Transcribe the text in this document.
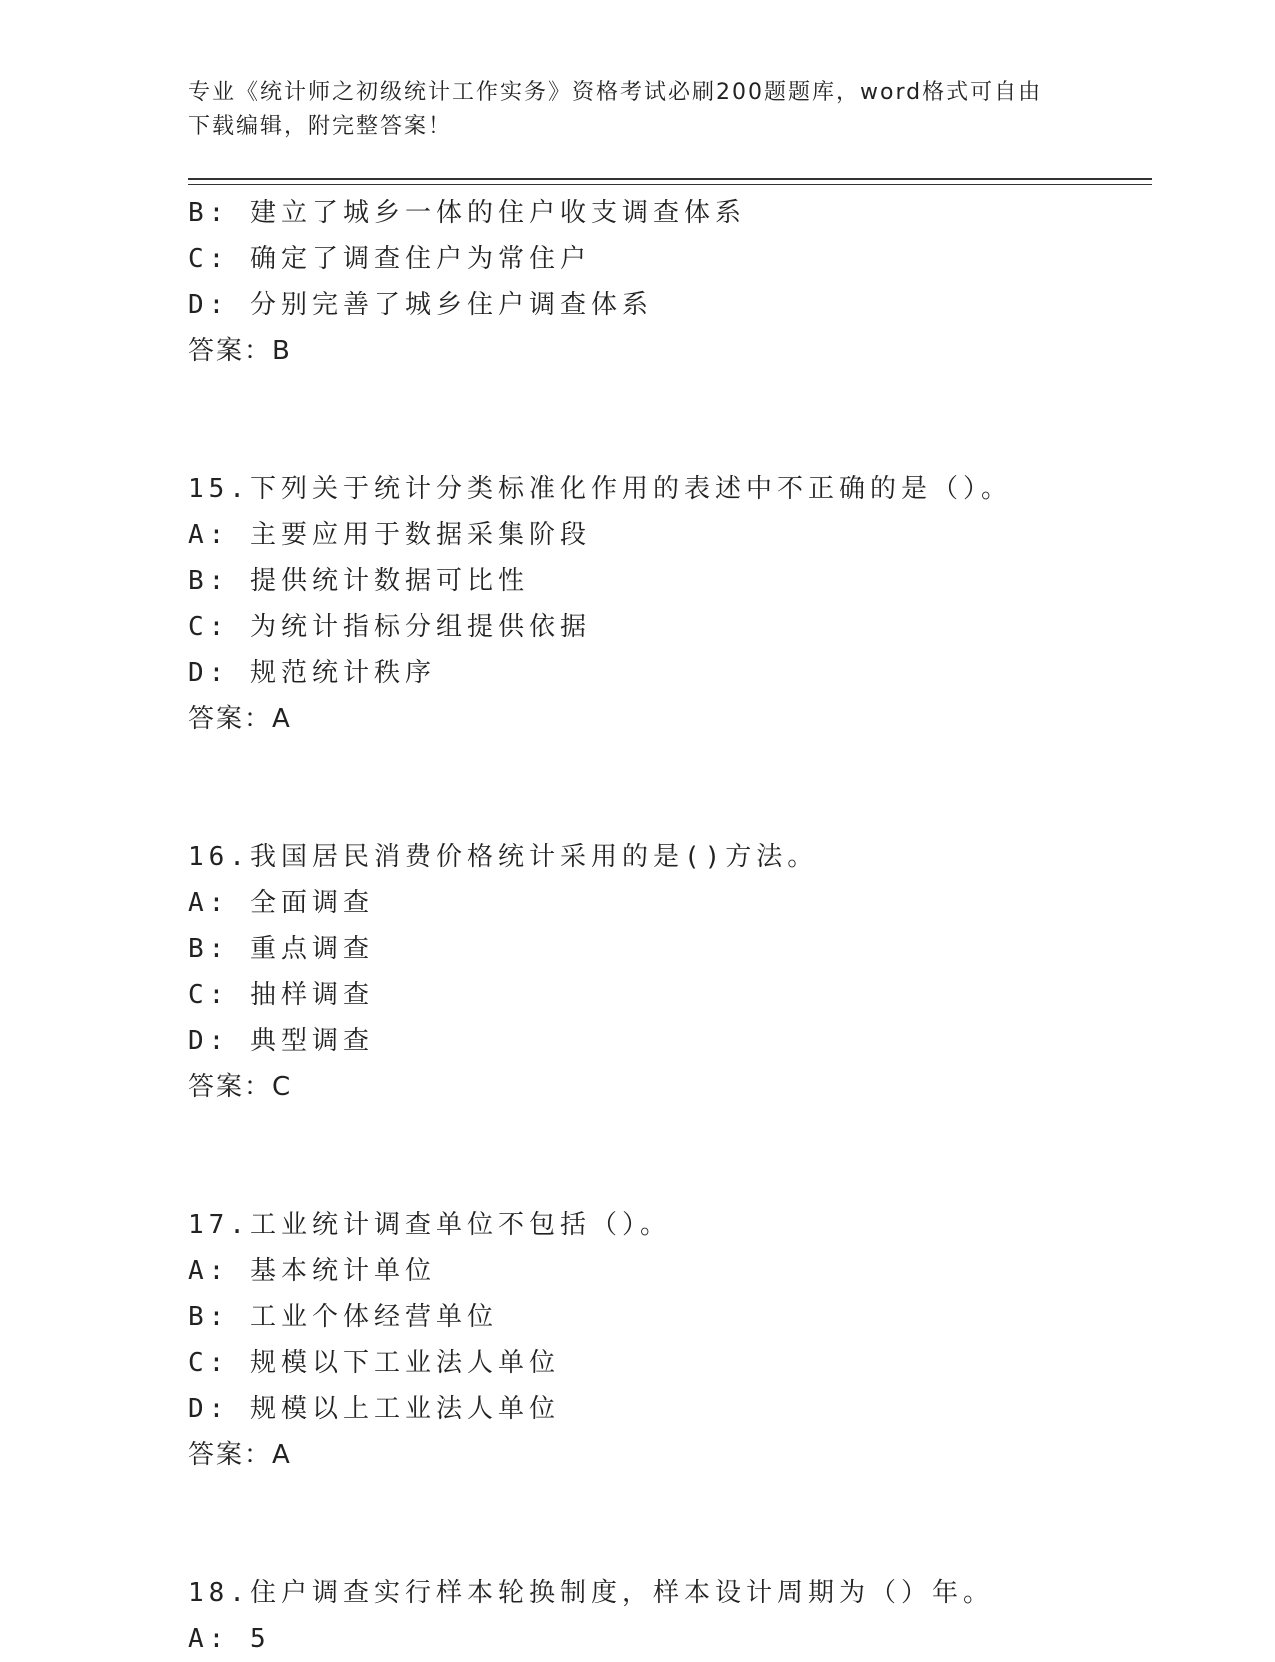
专业《统计师之初级统计工作实务》资格考试必刷200题题库，word格式可自由
下载编辑，附完整答案！
B: 建立了城乡一体的住户收支调查体系
C: 确定了调查住户为常住户
D: 分别完善了城乡住户调查体系
答案：B
15.下列关于统计分类标准化作用的表述中不正确的是（）。
A: 主要应用于数据采集阶段
B: 提供统计数据可比性
C: 为统计指标分组提供依据
D: 规范统计秩序
答案：A
16.我国居民消费价格统计采用的是()方法。
A: 全面调查
B: 重点调查
C: 抽样调查
D: 典型调查
答案：C
17.工业统计调查单位不包括（）。
A: 基本统计单位
B: 工业个体经营单位
C: 规模以下工业法人单位
D: 规模以上工业法人单位
答案：A
18.住户调查实行样本轮换制度，样本设计周期为（）年。
A: 5
